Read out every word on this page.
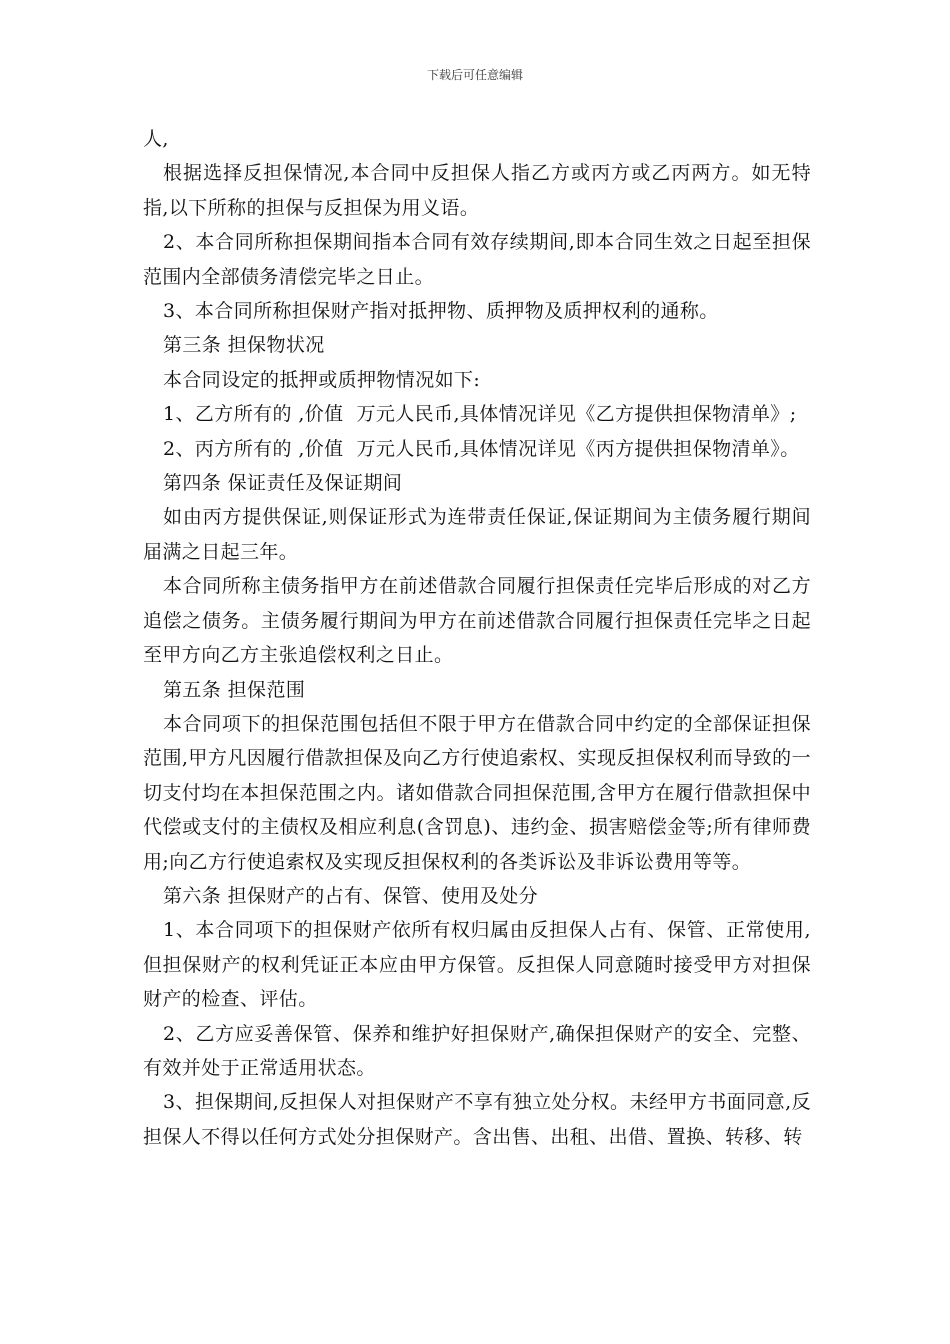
下载后可任意编辑

人,

根据选择反担保情况,本合同中反担保人指乙方或丙方或乙丙两方。如无特指,以下所称的担保与反担保为用义语。

2、本合同所称担保期间指本合同有效存续期间,即本合同生效之日起至担保范围内全部债务清偿完毕之日止。

3、本合同所称担保财产指对抵押物、质押物及质押权利的通称。

第三条 担保物状况

本合同设定的抵押或质押物情况如下:

1、乙方所有的 ,价值  万元人民币,具体情况详见《乙方提供担保物清单》;

2、丙方所有的 ,价值  万元人民币,具体情况详见《丙方提供担保物清单》。

第四条 保证责任及保证期间

如由丙方提供保证,则保证形式为连带责任保证,保证期间为主债务履行期间届满之日起三年。

本合同所称主债务指甲方在前述借款合同履行担保责任完毕后形成的对乙方追偿之债务。主债务履行期间为甲方在前述借款合同履行担保责任完毕之日起至甲方向乙方主张追偿权利之日止。

第五条 担保范围

本合同项下的担保范围包括但不限于甲方在借款合同中约定的全部保证担保范围,甲方凡因履行借款担保及向乙方行使追索权、实现反担保权利而导致的一切支付均在本担保范围之内。诸如借款合同担保范围,含甲方在履行借款担保中代偿或支付的主债权及相应利息(含罚息)、违约金、损害赔偿金等;所有律师费用;向乙方行使追索权及实现反担保权利的各类诉讼及非诉讼费用等等。

第六条 担保财产的占有、保管、使用及处分

1、本合同项下的担保财产依所有权归属由反担保人占有、保管、正常使用,但担保财产的权利凭证正本应由甲方保管。反担保人同意随时接受甲方对担保财产的检查、评估。

2、乙方应妥善保管、保养和维护好担保财产,确保担保财产的安全、完整、有效并处于正常适用状态。

3、担保期间,反担保人对担保财产不享有独立处分权。未经甲方书面同意,反担保人不得以任何方式处分担保财产。含出售、出租、出借、置换、转移、转
